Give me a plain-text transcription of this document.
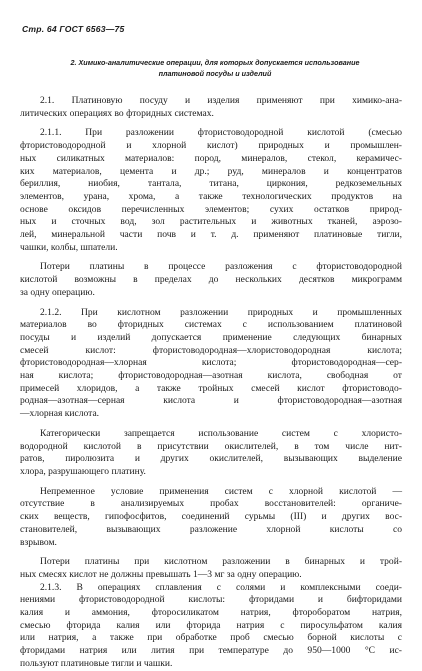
Стр. 64 ГОСТ 6563—75
2. Химико-аналитические операции, для которых допускается использование
платиновой посуды и изделий
2.1. Платиновую посуду и изделия применяют при химико-ана-
литических операциях во фторидных системах.
2.1.1. При разложении фтористоводородной кислотой (смесью
фтористоводородной и хлорной кислот) природных и промышлен-
ных силикатных материалов: пород, минералов, стекол, керамичес-
ких материалов, цемента и др.; руд, минералов и концентратов
бериллия, ниобия, тантала, титана, циркония, редкоземельных
элементов, урана, хрома, а также технологических продуктов на
основе оксидов перечисленных элементов; сухих остатков природ-
ных и сточных вод, зол растительных и животных тканей, аэрозо-
лей, минеральной части почв и т. д. применяют платиновые тигли,
чашки, колбы, шпатели.
Потери платины в процессе разложения с фтористоводородной
кислотой возможны в пределах до нескольких десятков микрограмм
за одну операцию.
2.1.2. При кислотном разложении природных и промышленных
материалов во фторидных системах с использованием платиновой
посуды и изделий допускается применение следующих бинарных
смесей кислот: фтористоводородная—хлористоводородная кислота;
фтористоводородная—хлорная кислота; фтористоводородная—сер-
ная кислота; фтористоводородная—азотная кислота, свободная от
примесей хлоридов, а также тройных смесей кислот фтористоводо-
родная—азотная—серная кислота и фтористоводородная—азотная
—хлорная кислота.
Категорически запрещается использование систем с хлористо-
водородной кислотой в присутствии окислителей, в том числе нит-
ратов, пиролюзита и других окислителей, вызывающих выделение
хлора, разрушающего платину.
Непременное условие применения систем с хлорной кислотой —
отсутствие в анализируемых пробах восстановителей: органиче-
ских веществ, гипофосфитов, соединений сурьмы (III) и других вос-
становителей, вызывающих разложение хлорной кислоты со
взрывом.
Потери платины при кислотном разложении в бинарных и трой-
ных смесях кислот не должны превышать 1—3 мг за одну операцию.
2.1.3. В операциях сплавления с солями и комплексными соеди-
нениями фтористоводородной кислоты: фторидами и бифторидами
калия и аммония, фторосиликатом натрия, фтороборатом натрия,
смесью фторида калия или фторида натрия с пиросульфатом калия
или натрия, а также при обработке проб смесью борной кислоты с
фторидами натрия или лития при температуре до 950—1000 °С ис-
пользуют платиновые тигли и чашки.
